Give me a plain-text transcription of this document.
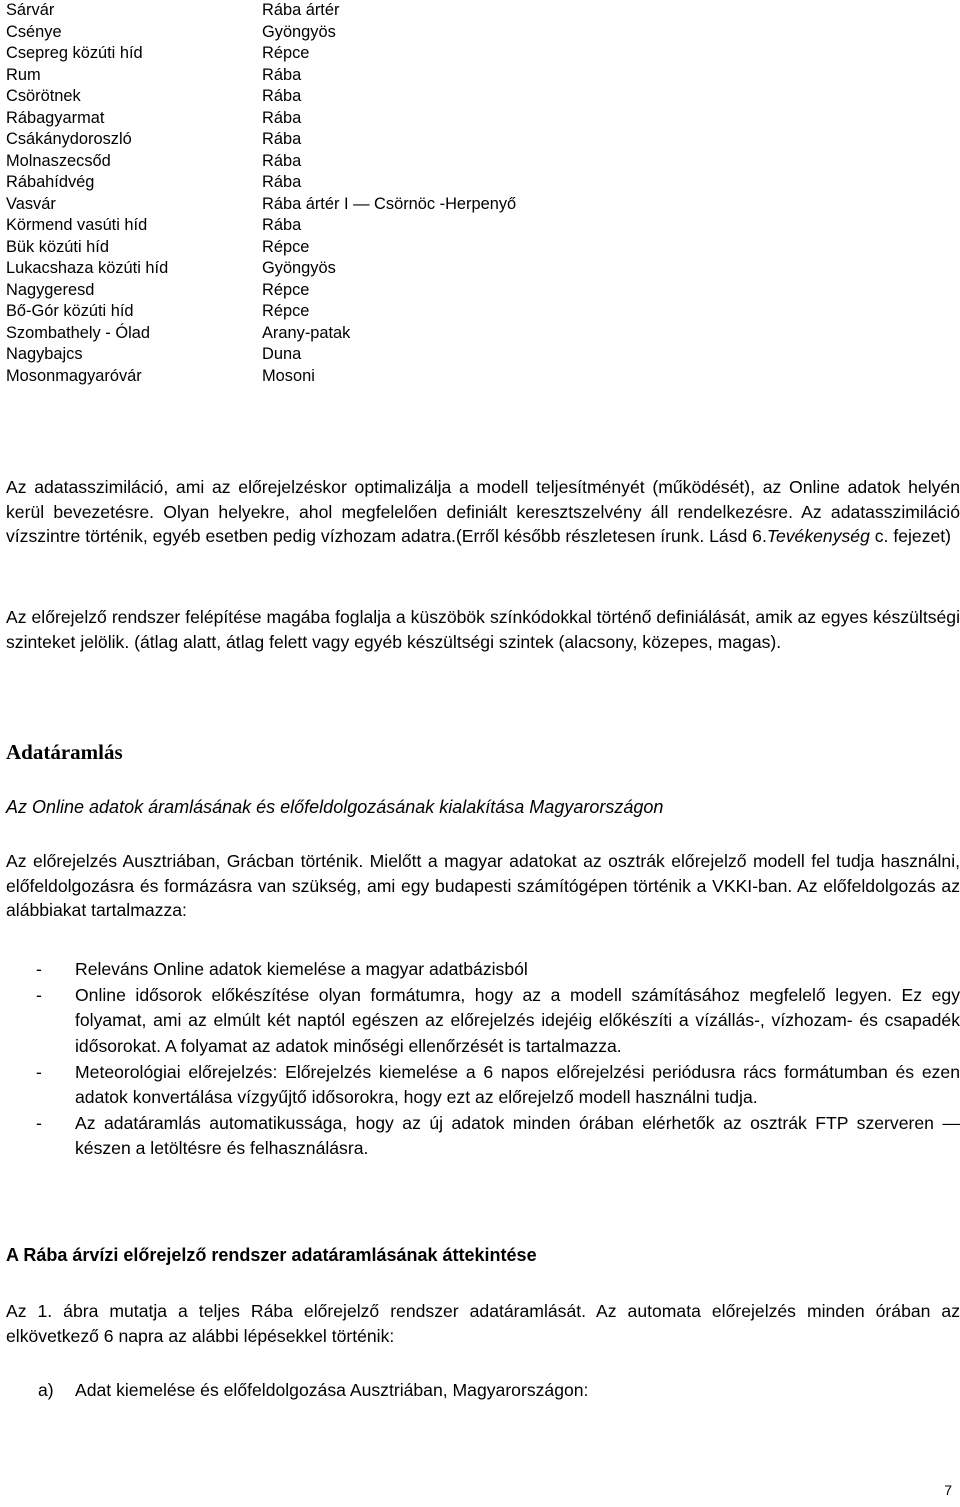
Sárvár	Rába ártér
Csénye	Gyöngyös
Csepreg közúti híd	Répce
Rum	Rába
Csörötnek	Rába
Rábagyarmat	Rába
Csákánydoroszló	Rába
Molnaszecsőd	Rába
Rábahídvég	Rába
Vasvár	Rába ártér I — Csörnöc -Herpenyő
Körmend vasúti híd	Rába
Bük közúti híd	Répce
Lukacshaza közúti híd	Gyöngyös
Nagygeresd	Répce
Bő-Gór közúti híd	Répce
Szombathely - Ólad	Arany-patak
Nagybajcs	Duna
Mosonmagyaróvár	Mosoni

Az adatasszimiláció, ami az előrejelzéskor optimalizálja a modell teljesítményét (működését), az Online adatok helyén kerül bevezetésre. Olyan helyekre, ahol megfelelően definiált keresztszelvény áll rendelkezésre. Az adatasszimiláció vízszintre történik, egyéb esetben pedig vízhozam adatra.(Erről később részletesen írunk. Lásd 6.Tevékenység c. fejezet)

Az előrejelző rendszer felépítése magába foglalja a küszöbök színkódokkal történő definiálását, amik az egyes készültségi szinteket jelölik. (átlag alatt, átlag felett vagy egyéb készültségi szintek (alacsony, közepes, magas).

Adatáramlás
Az Online adatok áramlásának és előfeldolgozásának kialakítása Magyarországon

Az előrejelzés Ausztriában, Grácban történik. Mielőtt a magyar adatokat az osztrák előrejelző modell fel tudja használni, előfeldolgozásra és formázásra van szükség, ami egy budapesti számítógépen történik a VKKI-ban. Az előfeldolgozás az alábbiakat tartalmazza:

-	Releváns Online adatok kiemelése a magyar adatbázisból
-	Online idősorok előkészítése olyan formátumra, hogy az a modell számításához megfelelő legyen. Ez egy folyamat, ami az elmúlt két naptól egészen az előrejelzés idejéig előkészíti a vízállás-, vízhozam- és csapadék idősorokat. A folyamat az adatok minőségi ellenőrzését is tartalmazza.
-	Meteorológiai előrejelzés: Előrejelzés kiemelése a 6 napos előrejelzési periódusra rács formátumban és ezen adatok konvertálása vízgyűjtő idősorokra, hogy ezt az előrejelző modell használni tudja.
-	Az adatáramlás automatikussága, hogy az új adatok minden órában elérhetők az osztrák FTP szerveren — készen a letöltésre és felhasználásra.
A Rába árvízi előrejelző rendszer adatáramlásának áttekintése

Az 1. ábra mutatja a teljes Rába előrejelző rendszer adatáramlását. Az automata előrejelzés minden órában az elkövetkező 6 napra az alábbi lépésekkel történik:

a)	Adat kiemelése és előfeldolgozása Ausztriában, Magyarországon:
7
